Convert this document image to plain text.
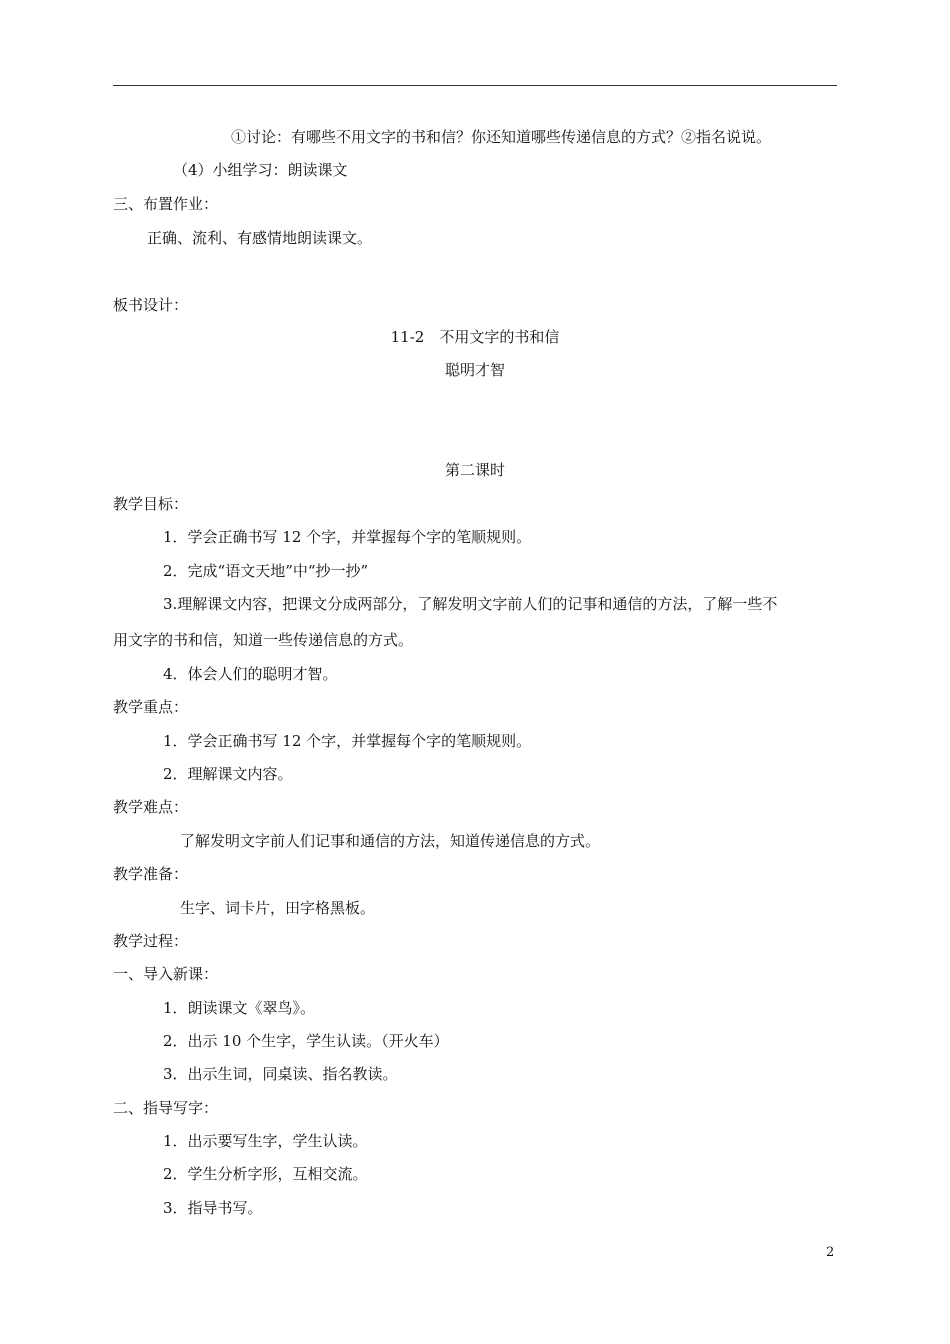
①讨论：有哪些不用文字的书和信？你还知道哪些传递信息的方式？②指名说说。
（4）小组学习：朗读课文
三、布置作业：
正确、流利、有感情地朗读课文。
板书设计：
11-2　不用文字的书和信
聪明才智
第二课时
教学目标：
1．学会正确书写 12 个字，并掌握每个字的笔顺规则。
2．完成“语文天地”中“抄一抄”
3.理解课文内容，把课文分成两部分，了解发明文字前人们的记事和通信的方法，了解一些不
用文字的书和信，知道一些传递信息的方式。
4．体会人们的聪明才智。
教学重点：
1．学会正确书写 12 个字，并掌握每个字的笔顺规则。
2．理解课文内容。
教学难点：
了解发明文字前人们记事和通信的方法，知道传递信息的方式。
教学准备：
生字、词卡片，田字格黑板。
教学过程：
一、导入新课：
1．朗读课文《翠鸟》。
2．出示 10 个生字，学生认读。（开火车）
3．出示生词，同桌读、指名教读。
二、指导写字：
1．出示要写生字，学生认读。
2．学生分析字形，互相交流。
3．指导书写。
2
